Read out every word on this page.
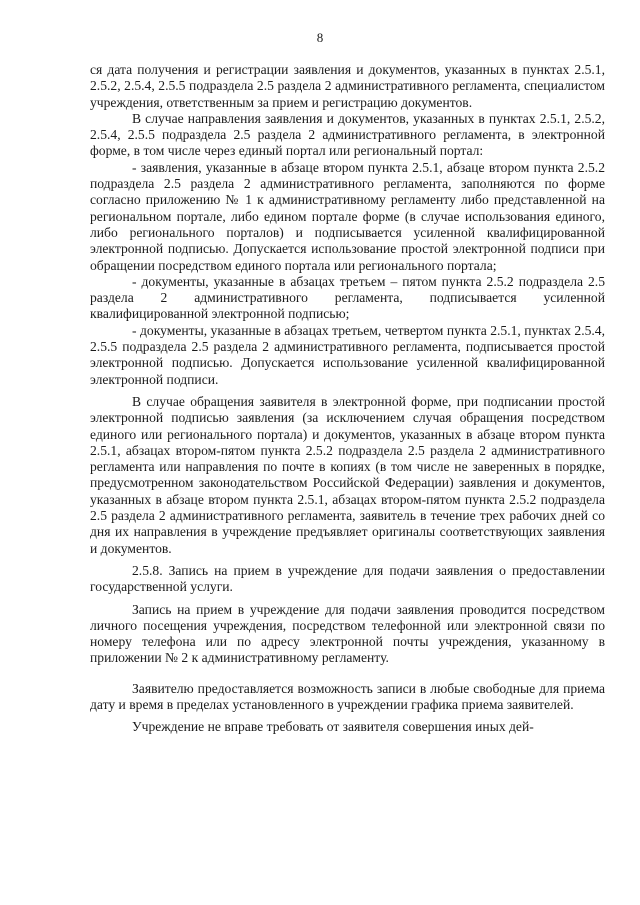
8

ся дата получения и регистрации заявления и документов, указанных в пунктах 2.5.1, 2.5.2, 2.5.4, 2.5.5 подраздела 2.5 раздела 2 административного регламента, специалистом учреждения, ответственным за прием и регистрацию документов.

В случае направления заявления и документов, указанных в пунктах 2.5.1, 2.5.2, 2.5.4, 2.5.5 подраздела 2.5 раздела 2 административного регламента, в электронной форме, в том числе через единый портал или региональный портал:

- заявления, указанные в абзаце втором пункта 2.5.1, абзаце втором пункта 2.5.2 подраздела 2.5 раздела 2 административного регламента, заполняются по форме согласно приложению № 1 к административному регламенту либо представленной на региональном портале, либо едином портале форме (в случае использования единого, либо регионального порталов) и подписывается усиленной квалифицированной электронной подписью. Допускается использование простой электронной подписи при обращении посредством единого портала или регионального портала;

- документы, указанные в абзацах третьем – пятом пункта 2.5.2 подраздела 2.5 раздела 2 административного регламента, подписывается усиленной квалифицированной электронной подписью;

- документы, указанные в абзацах третьем, четвертом пункта 2.5.1, пунктах 2.5.4, 2.5.5 подраздела 2.5 раздела 2 административного регламента, подписывается простой электронной подписью. Допускается использование усиленной квалифицированной электронной подписи.

В случае обращения заявителя в электронной форме, при подписании простой электронной подписью заявления (за исключением случая обращения посредством единого или регионального портала) и документов, указанных в абзаце втором пункта 2.5.1, абзацах втором-пятом пункта 2.5.2 подраздела 2.5 раздела 2 административного регламента или направления по почте в копиях (в том числе не заверенных в порядке, предусмотренном законодательством Российской Федерации) заявления и документов, указанных в абзаце втором пункта 2.5.1, абзацах втором-пятом пункта 2.5.2 подраздела 2.5 раздела 2 административного регламента, заявитель в течение трех рабочих дней со дня их направления в учреждение предъявляет оригиналы соответствующих заявления и документов.

2.5.8. Запись на прием в учреждение для подачи заявления о предоставлении государственной услуги.

Запись на прием в учреждение для подачи заявления проводится посредством личного посещения учреждения, посредством телефонной или электронной связи по номеру телефона или по адресу электронной почты учреждения, указанному в приложении № 2 к административному регламенту.

Заявителю предоставляется возможность записи в любые свободные для приема дату и время в пределах установленного в учреждении графика приема заявителей.

Учреждение не вправе требовать от заявителя совершения иных дей-
